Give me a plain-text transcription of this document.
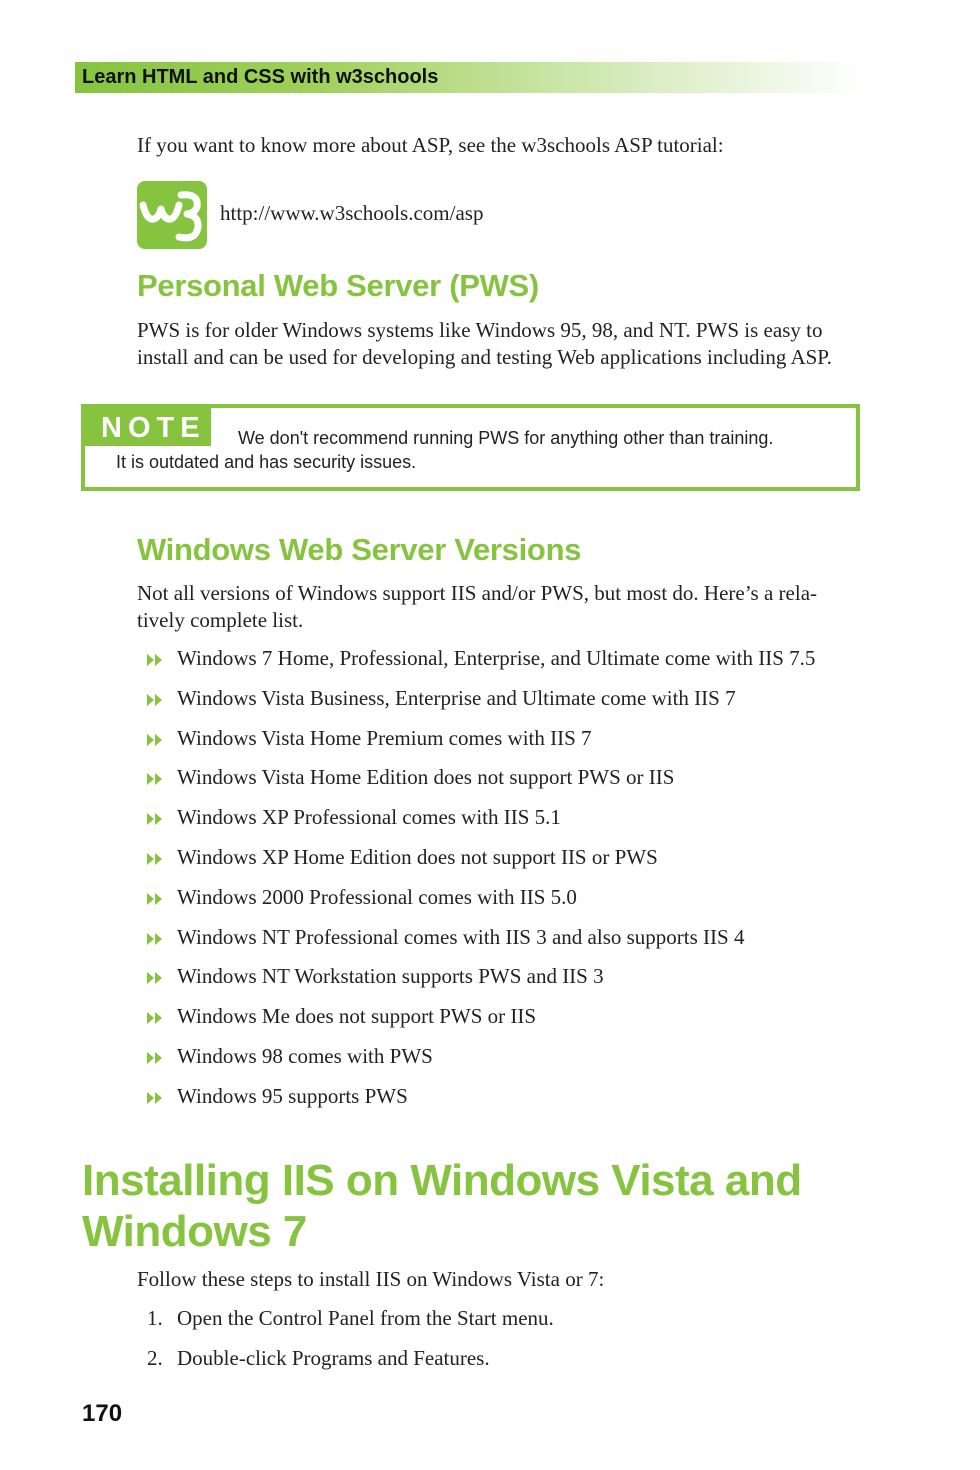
Learn HTML and CSS with w3schools
If you want to know more about ASP, see the w3schools ASP tutorial:
http://www.w3schools.com/asp
Personal Web Server (PWS)
PWS is for older Windows systems like Windows 95, 98, and NT. PWS is easy to install and can be used for developing and testing Web applications including ASP.
NOTE We don't recommend running PWS for anything other than training.
It is outdated and has security issues.
Windows Web Server Versions
Not all versions of Windows support IIS and/or PWS, but most do. Here’s a rela-
tively complete list.
Windows 7 Home, Professional, Enterprise, and Ultimate come with IIS 7.5
Windows Vista Business, Enterprise and Ultimate come with IIS 7
Windows Vista Home Premium comes with IIS 7
Windows Vista Home Edition does not support PWS or IIS
Windows XP Professional comes with IIS 5.1
Windows XP Home Edition does not support IIS or PWS
Windows 2000 Professional comes with IIS 5.0
Windows NT Professional comes with IIS 3 and also supports IIS 4
Windows NT Workstation supports PWS and IIS 3
Windows Me does not support PWS or IIS
Windows 98 comes with PWS
Windows 95 supports PWS
Installing IIS on Windows Vista and
Windows 7
Follow these steps to install IIS on Windows Vista or 7:
1. Open the Control Panel from the Start menu.
2. Double-click Programs and Features.
170
